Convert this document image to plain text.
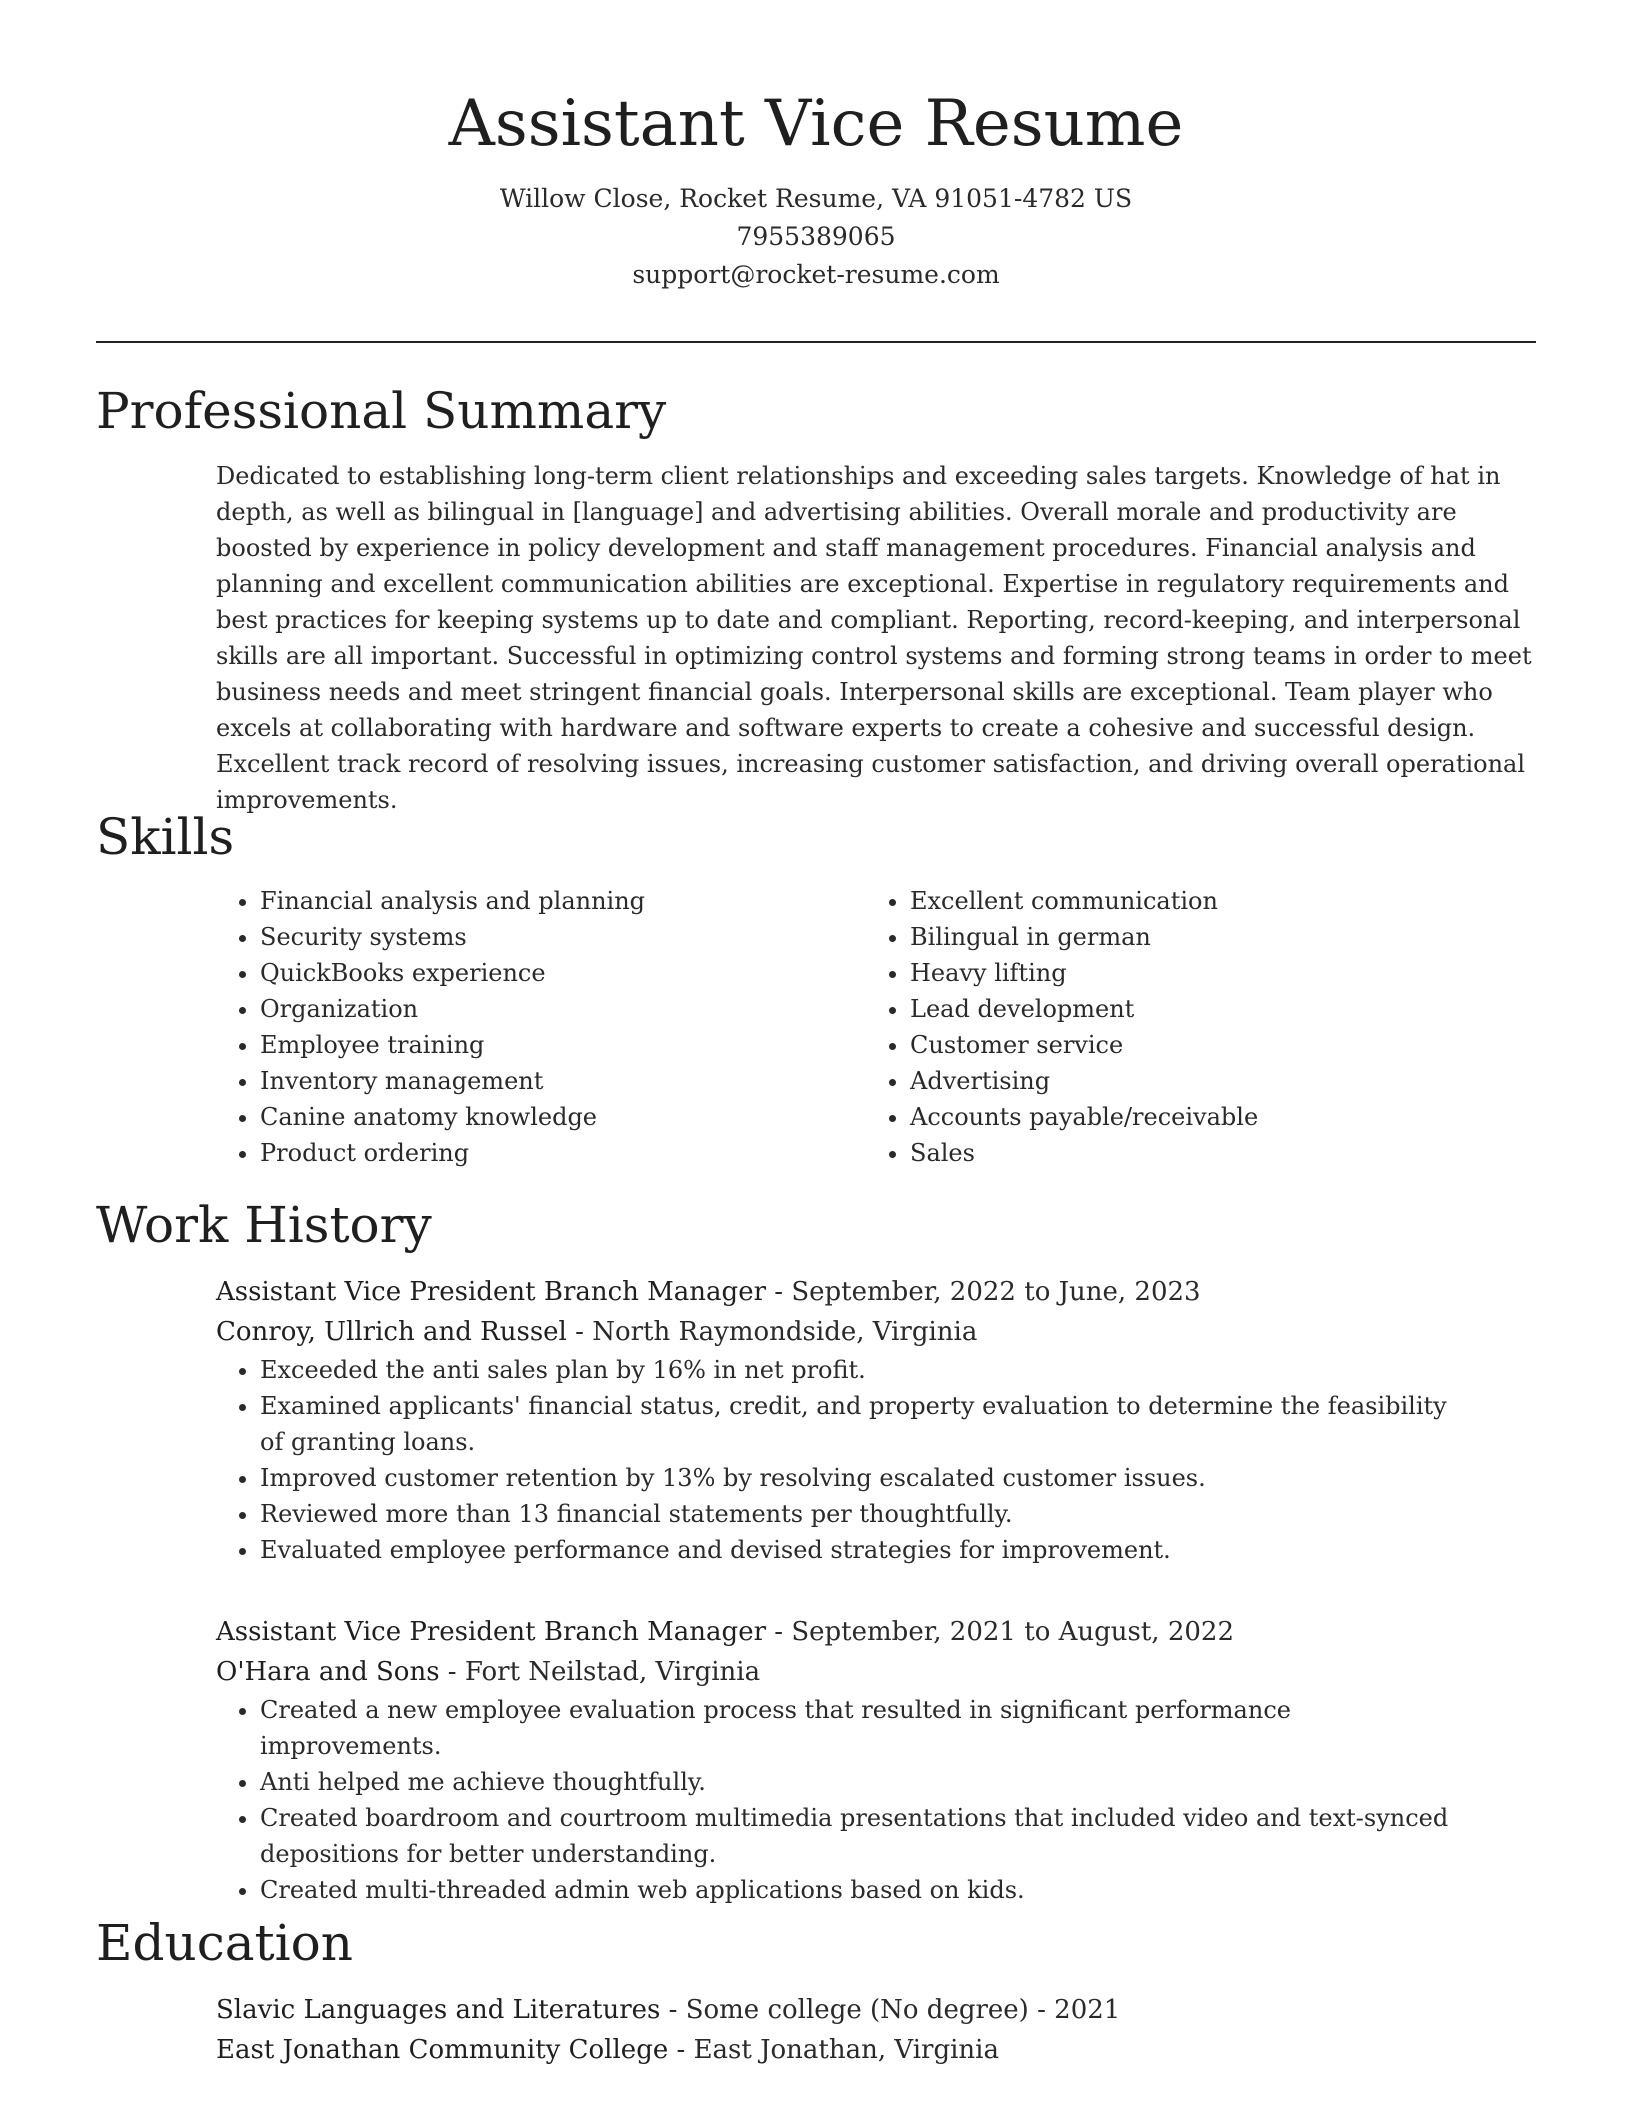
Assistant Vice Resume
Willow Close, Rocket Resume, VA 91051-4782 US
7955389065
support@rocket-resume.com
Professional Summary

Dedicated to establishing long-term client relationships and exceeding sales targets. Knowledge of hat in depth, as well as bilingual in [language] and advertising abilities. Overall morale and productivity are boosted by experience in policy development and staff management procedures. Financial analysis and planning and excellent communication abilities are exceptional. Expertise in regulatory requirements and best practices for keeping systems up to date and compliant. Reporting, record-keeping, and interpersonal skills are all important. Successful in optimizing control systems and forming strong teams in order to meet business needs and meet stringent financial goals. Interpersonal skills are exceptional. Team player who excels at collaborating with hardware and software experts to create a cohesive and successful design. Excellent track record of resolving issues, increasing customer satisfaction, and driving overall operational improvements.

Skills
• Financial analysis and planning
• Security systems
• QuickBooks experience
• Organization
• Employee training
• Inventory management
• Canine anatomy knowledge
• Product ordering
• Excellent communication
• Bilingual in german
• Heavy lifting
• Lead development
• Customer service
• Advertising
• Accounts payable/receivable
• Sales
Work History
Assistant Vice President Branch Manager - September, 2022 to June, 2023
Conroy, Ullrich and Russel - North Raymondside, Virginia
• Exceeded the anti sales plan by 16% in net profit.
• Examined applicants' financial status, credit, and property evaluation to determine the feasibility of granting loans.
• Improved customer retention by 13% by resolving escalated customer issues.
• Reviewed more than 13 financial statements per thoughtfully.
• Evaluated employee performance and devised strategies for improvement.
Assistant Vice President Branch Manager - September, 2021 to August, 2022
O'Hara and Sons - Fort Neilstad, Virginia
• Created a new employee evaluation process that resulted in significant performance improvements.
• Anti helped me achieve thoughtfully.
• Created boardroom and courtroom multimedia presentations that included video and text-synced depositions for better understanding.
• Created multi-threaded admin web applications based on kids.
Education
Slavic Languages and Literatures - Some college (No degree) - 2021
East Jonathan Community College - East Jonathan, Virginia
